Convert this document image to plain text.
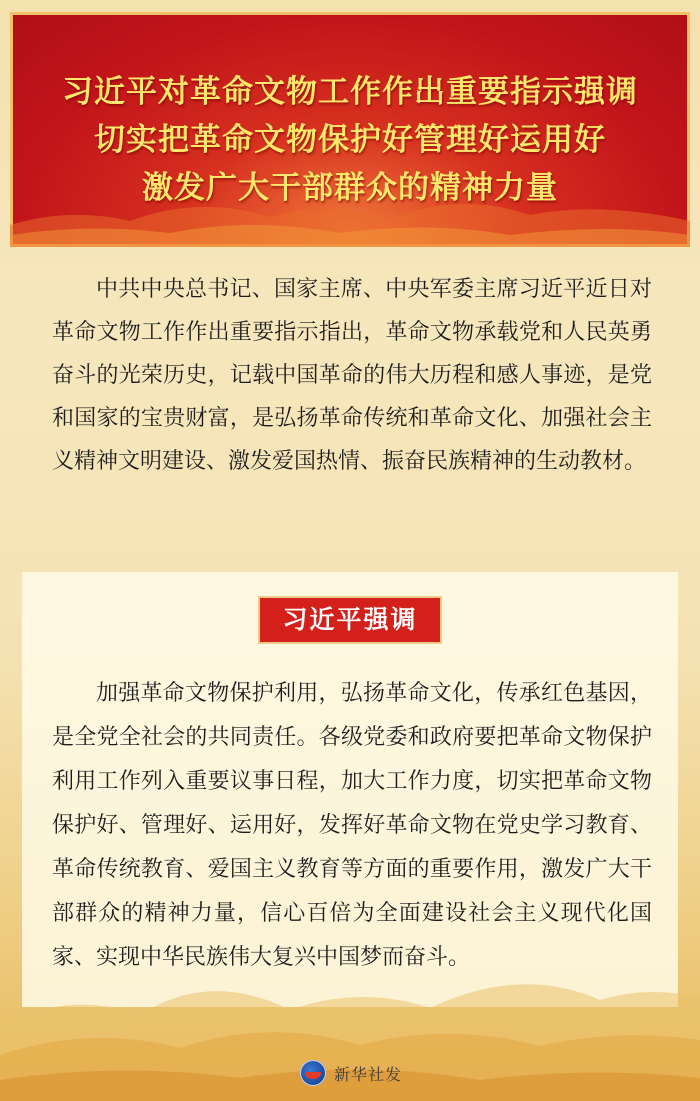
习近平对革命文物工作作出重要指示强调
切实把革命文物保护好管理好运用好
激发广大干部群众的精神力量

中共中央总书记、国家主席、中央军委主席习近平近日对革命文物工作作出重要指示指出，革命文物承载党和人民英勇奋斗的光荣历史，记载中国革命的伟大历程和感人事迹，是党和国家的宝贵财富，是弘扬革命传统和革命文化、加强社会主义精神文明建设、激发爱国热情、振奋民族精神的生动教材。

习近平强调

加强革命文物保护利用，弘扬革命文化，传承红色基因，是全党全社会的共同责任。各级党委和政府要把革命文物保护利用工作列入重要议事日程，加大工作力度，切实把革命文物保护好、管理好、运用好，发挥好革命文物在党史学习教育、革命传统教育、爱国主义教育等方面的重要作用，激发广大干部群众的精神力量，信心百倍为全面建设社会主义现代化国家、实现中华民族伟大复兴中国梦而奋斗。

新华社发
